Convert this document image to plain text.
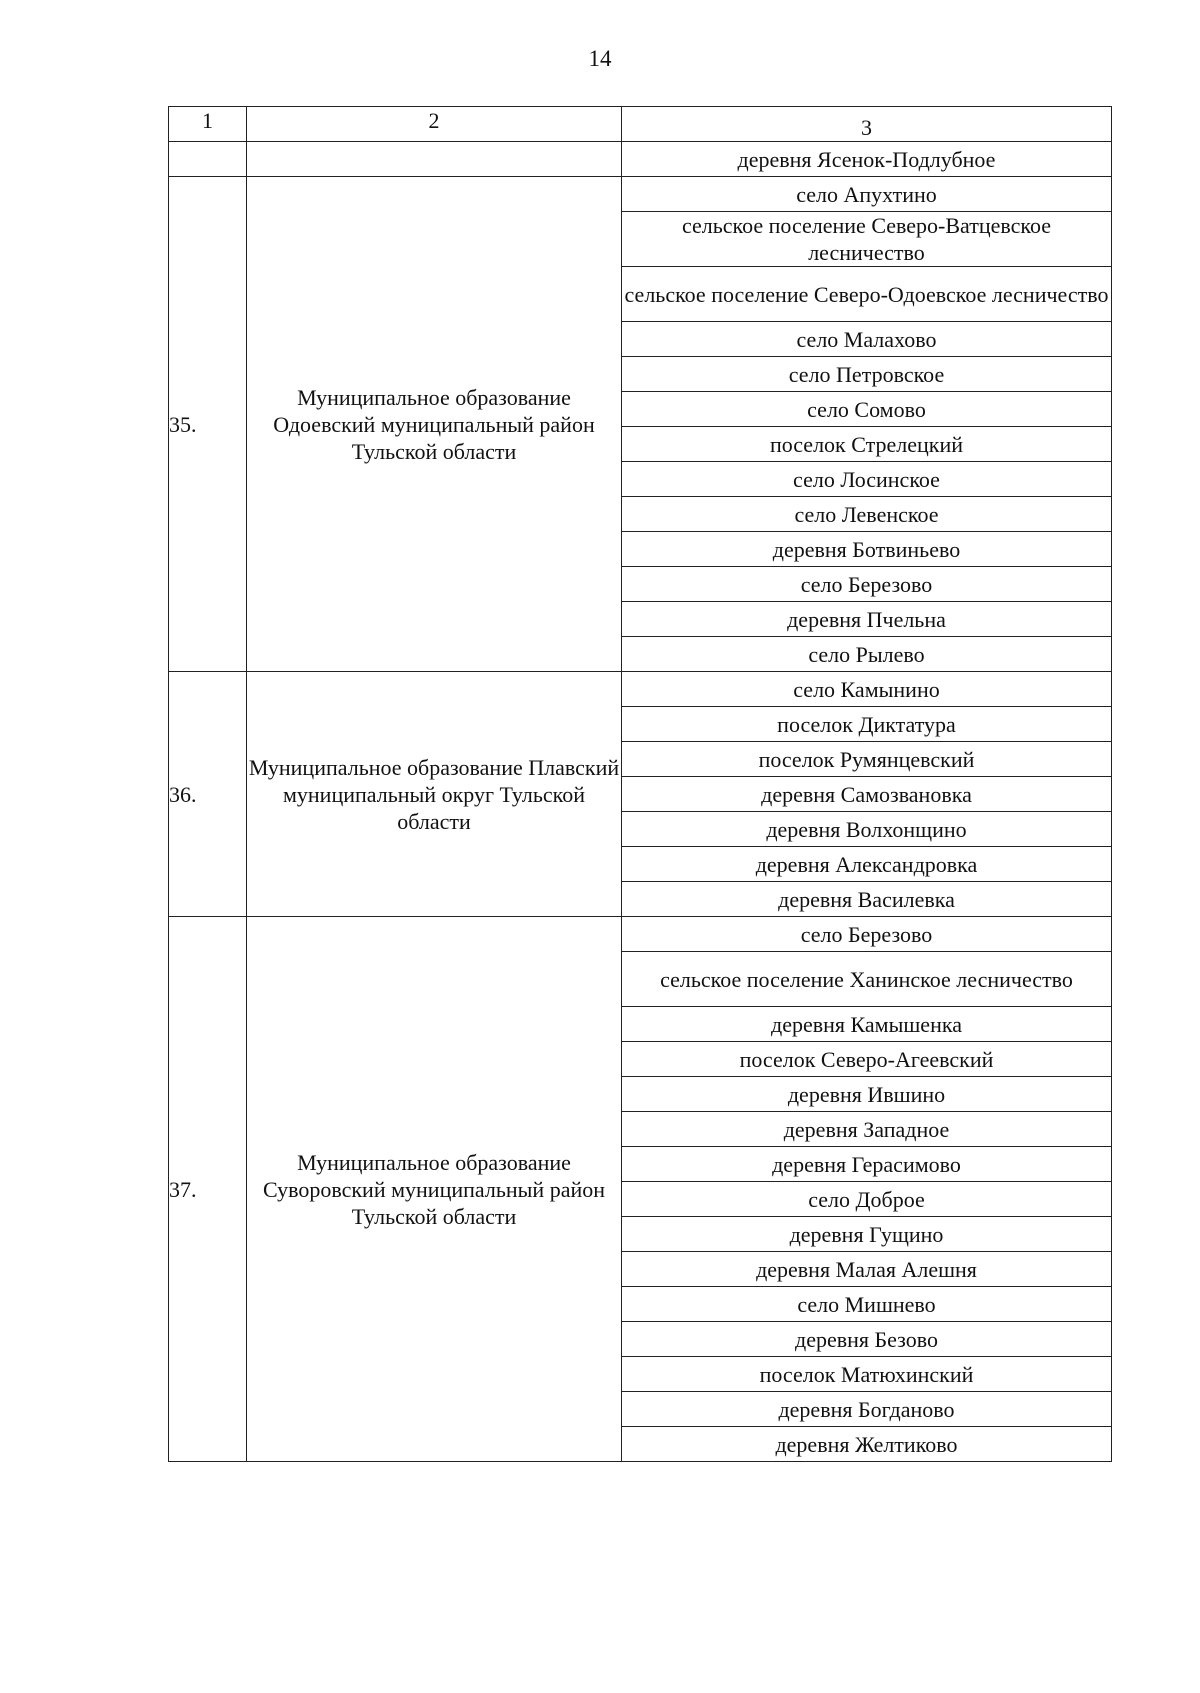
14
1	2	3
		деревня Ясенок-Подлубное
35.	Муниципальное образование Одоевский муниципальный район Тульской области	село Апухтино
		сельское поселение Северо-Ватцевское лесничество
		сельское поселение Северо-Одоевское лесничество
		село Малахово
		село Петровское
		село Сомово
		поселок Стрелецкий
		село Лосинское
		село Левенское
		деревня Ботвиньево
		село Березово
		деревня Пчельна
		село Рылево
36.	Муниципальное образование Плавский муниципальный округ Тульской области	село Камынино
		поселок Диктатура
		поселок Румянцевский
		деревня Самозвановка
		деревня Волхонщино
		деревня Александровка
		деревня Василевка
37.	Муниципальное образование Суворовский муниципальный район Тульской области	село Березово
		сельское поселение Ханинское лесничество
		деревня Камышенка
		поселок Северо-Агеевский
		деревня Ившино
		деревня Западное
		деревня Герасимово
		село Доброе
		деревня Гущино
		деревня Малая Алешня
		село Мишнево
		деревня Безово
		поселок Матюхинский
		деревня Богданово
		деревня Желтиково
